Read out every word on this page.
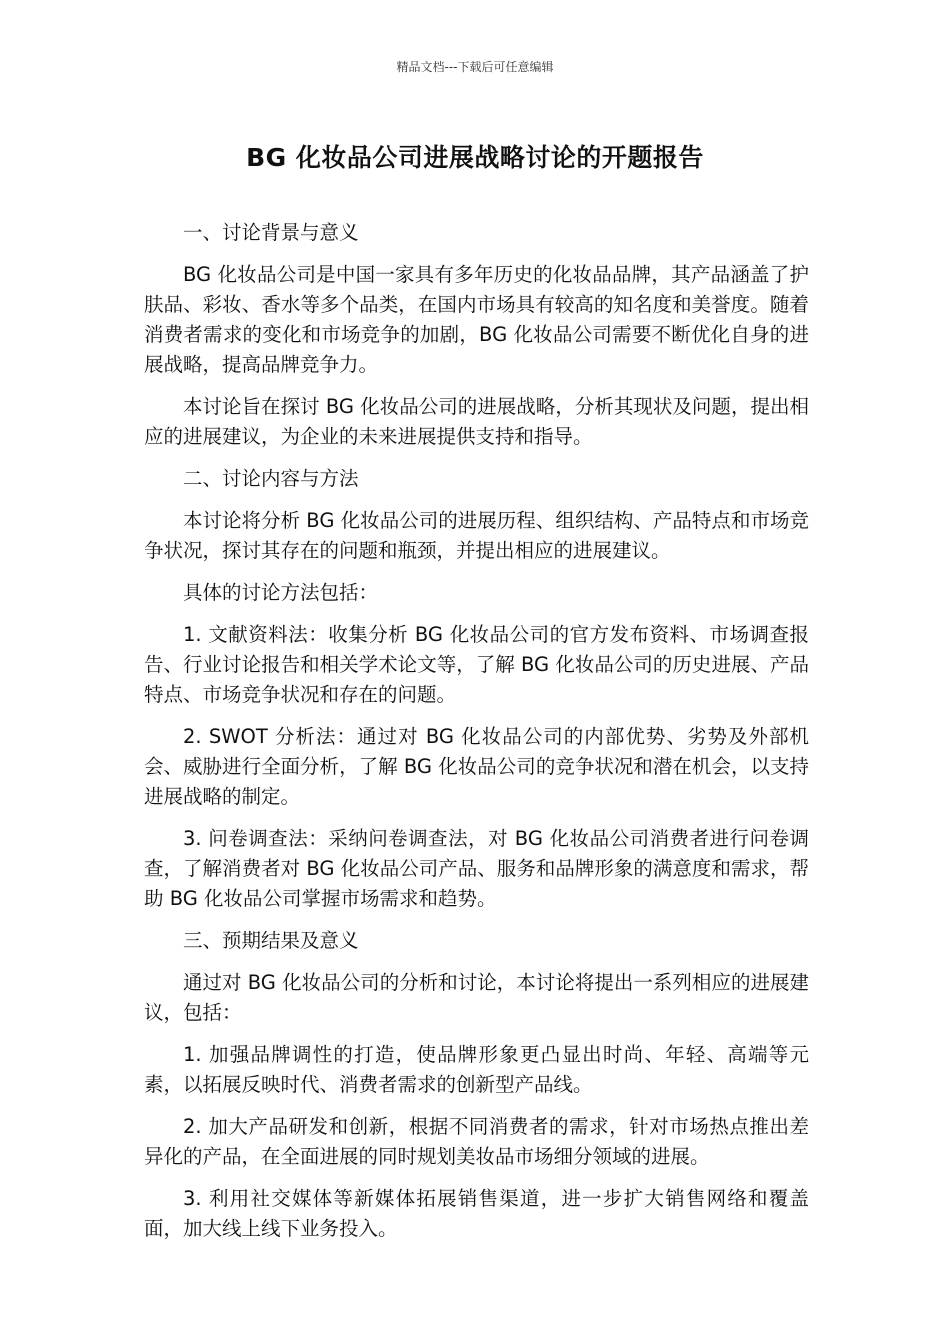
精品文档---下载后可任意编辑
BG 化妆品公司进展战略讨论的开题报告

一、讨论背景与意义

BG 化妆品公司是中国一家具有多年历史的化妆品品牌，其产品涵盖了护肤品、彩妆、香水等多个品类，在国内市场具有较高的知名度和美誉度。随着消费者需求的变化和市场竞争的加剧，BG 化妆品公司需要不断优化自身的进展战略，提高品牌竞争力。

本讨论旨在探讨 BG 化妆品公司的进展战略，分析其现状及问题，提出相应的进展建议，为企业的未来进展提供支持和指导。

二、讨论内容与方法

本讨论将分析 BG 化妆品公司的进展历程、组织结构、产品特点和市场竞争状况，探讨其存在的问题和瓶颈，并提出相应的进展建议。

具体的讨论方法包括：

1. 文献资料法：收集分析 BG 化妆品公司的官方发布资料、市场调查报告、行业讨论报告和相关学术论文等，了解 BG 化妆品公司的历史进展、产品特点、市场竞争状况和存在的问题。

2. SWOT 分析法：通过对 BG 化妆品公司的内部优势、劣势及外部机会、威胁进行全面分析，了解 BG 化妆品公司的竞争状况和潜在机会，以支持进展战略的制定。

3. 问卷调查法：采纳问卷调查法，对 BG 化妆品公司消费者进行问卷调查，了解消费者对 BG 化妆品公司产品、服务和品牌形象的满意度和需求，帮助 BG 化妆品公司掌握市场需求和趋势。

三、预期结果及意义

通过对 BG 化妆品公司的分析和讨论，本讨论将提出一系列相应的进展建议，包括：

1. 加强品牌调性的打造，使品牌形象更凸显出时尚、年轻、高端等元素，以拓展反映时代、消费者需求的创新型产品线。

2. 加大产品研发和创新，根据不同消费者的需求，针对市场热点推出差异化的产品，在全面进展的同时规划美妆品市场细分领域的进展。

3. 利用社交媒体等新媒体拓展销售渠道，进一步扩大销售网络和覆盖面，加大线上线下业务投入。
